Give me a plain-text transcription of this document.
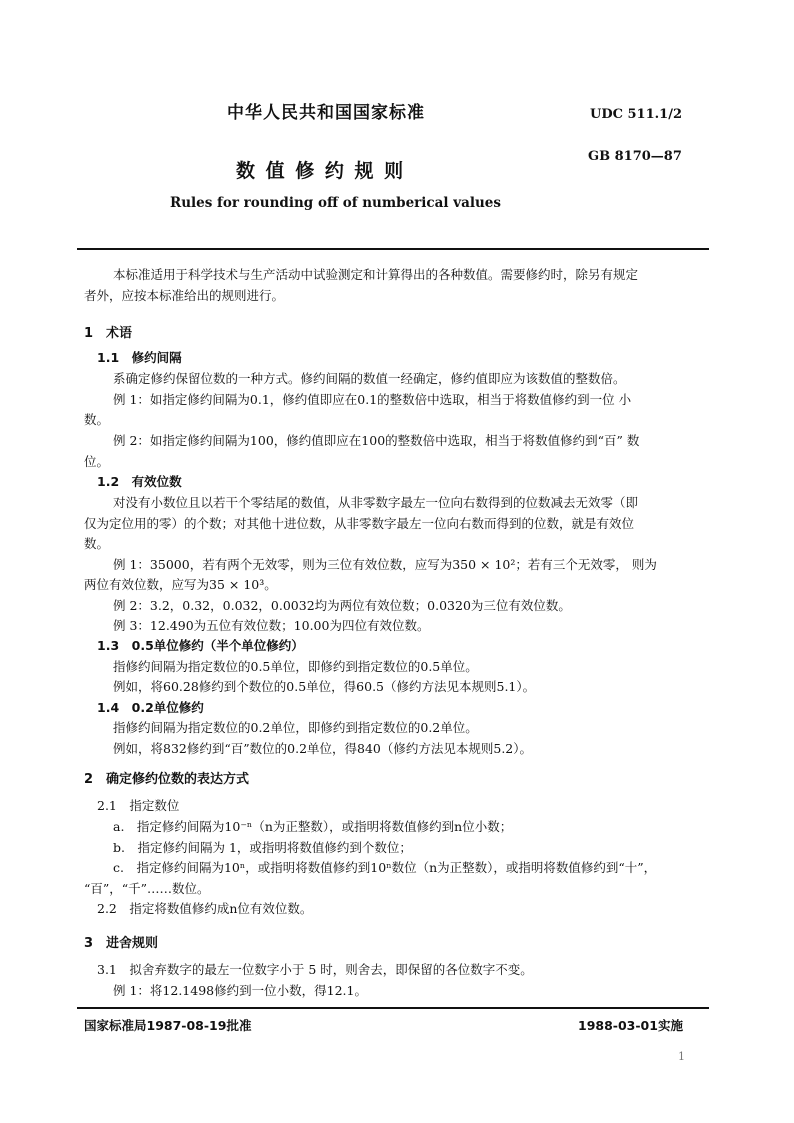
中华人民共和国国家标准	UDC 511.1/2
数 值 修 约 规 则
GB 8170—87
Rules for rounding off of numberical values
本标准适用于科学技术与生产活动中试验测定和计算得出的各种数值。需要修约时，除另有规定
者外，应按本标准给出的规则进行。
1　术语
1.1　修约间隔
系确定修约保留位数的一种方式。修约间隔的数值一经确定，修约值即应为该数值的整数倍。
例 1：如指定修约间隔为0.1，修约值即应在0.1的整数倍中选取，相当于将数值修约到一位 小
数。
例 2：如指定修约间隔为100，修约值即应在100的整数倍中选取，相当于将数值修约到“百” 数
位。
1.2　有效位数
对没有小数位且以若干个零结尾的数值，从非零数字最左一位向右数得到的位数减去无效零（即
仅为定位用的零）的个数；对其他十进位数，从非零数字最左一位向右数而得到的位数，就是有效位
数。
例 1：35000，若有两个无效零，则为三位有效位数，应写为350 × 10²；若有三个无效零， 则为
两位有效位数，应写为35 × 10³。
例 2：3.2，0.32，0.032，0.0032均为两位有效位数；0.0320为三位有效位数。
例 3：12.490为五位有效位数；10.00为四位有效位数。
1.3　0.5单位修约（半个单位修约）
指修约间隔为指定数位的0.5单位，即修约到指定数位的0.5单位。
例如，将60.28修约到个数位的0.5单位，得60.5（修约方法见本规则5.1）。
1.4　0.2单位修约
指修约间隔为指定数位的0.2单位，即修约到指定数位的0.2单位。
例如，将832修约到“百”数位的0.2单位，得840（修约方法见本规则5.2）。
2　确定修约位数的表达方式
2.1　指定数位
a.　指定修约间隔为10⁻ⁿ（n为正整数），或指明将数值修约到n位小数；
b.　指定修约间隔为 1，或指明将数值修约到个数位；
c.　指定修约间隔为10ⁿ，或指明将数值修约到10ⁿ数位（n为正整数），或指明将数值修约到“十”，
“百”，“千”……数位。
2.2　指定将数值修约成n位有效位数。
3　进舍规则
3.1　拟舍弃数字的最左一位数字小于 5 时，则舍去，即保留的各位数字不变。
例 1：将12.1498修约到一位小数，得12.1。
国家标准局1987-08-19批准	1988-03-01实施
1
